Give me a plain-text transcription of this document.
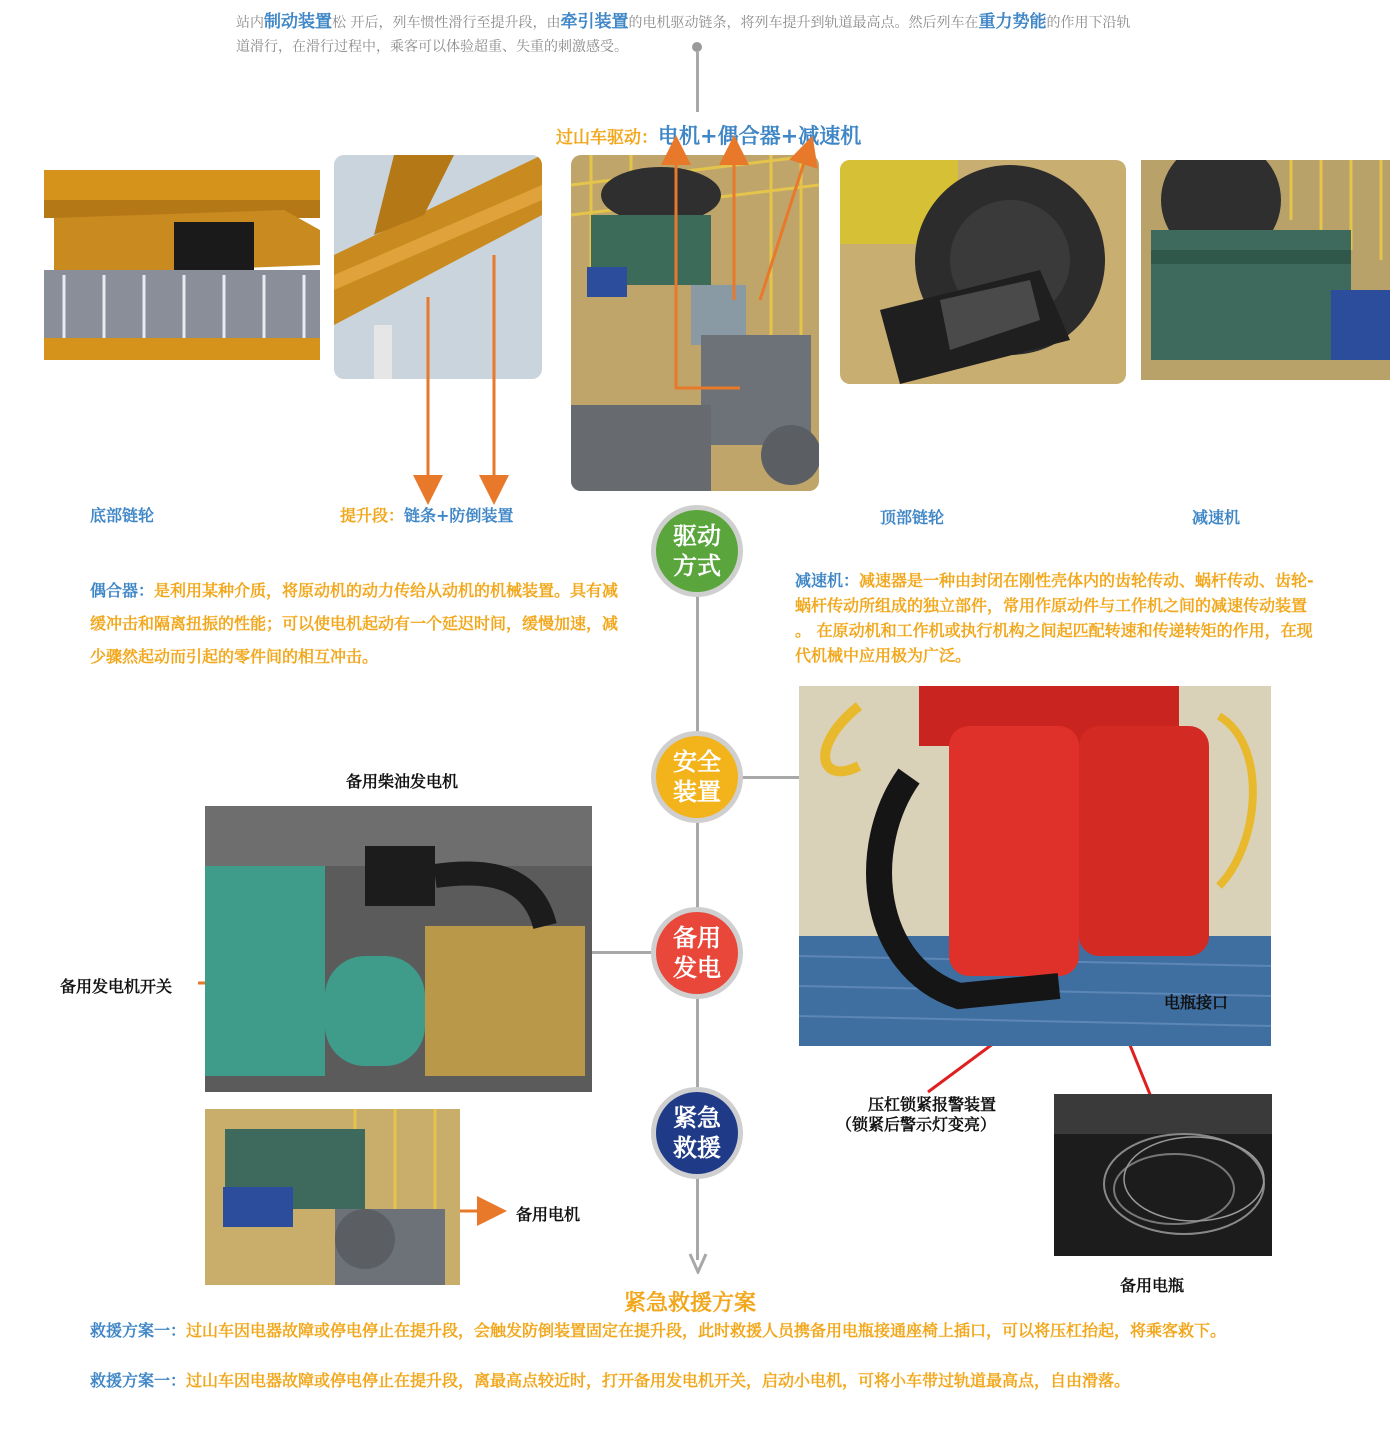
站内制动装置松 开后，列车惯性滑行至提升段，由牵引装置的电机驱动链条，将列车提升到轨道最高点。然后列车在重力势能的作用下沿轨道滑行，在滑行过程中，乘客可以体验超重、失重的刺激感受。
过山车驱动：电机+偶合器+减速机
底部链轮	提升段：链条+防倒装置	顶部链轮	减速机
驱动方式
安全装置
备用发电
紧急救援
偶合器：是利用某种介质，将原动机的动力传给从动机的机械装置。具有减缓冲击和隔离扭振的性能；可以使电机起动有一个延迟时间，缓慢加速，减少骤然起动而引起的零件间的相互冲击。
减速机：减速器是一种由封闭在刚性壳体内的齿轮传动、蜗杆传动、齿轮-蜗杆传动所组成的独立部件，常用作原动件与工作机之间的减速传动装置 。 在原动机和工作机或执行机构之间起匹配转速和传递转矩的作用，在现代机械中应用极为广泛。
电瓶接口
压杠锁紧报警装置
（锁紧后警示灯变亮）
备用电瓶
备用柴油发电机
备用发电机开关
备用电机
紧急救援方案
救援方案一：过山车因电器故障或停电停止在提升段，会触发防倒装置固定在提升段，此时救援人员携备用电瓶接通座椅上插口，可以将压杠抬起，将乘客救下。
救援方案一：过山车因电器故障或停电停止在提升段，离最高点较近时，打开备用发电机开关，启动小电机，可将小车带过轨道最高点，自由滑落。
